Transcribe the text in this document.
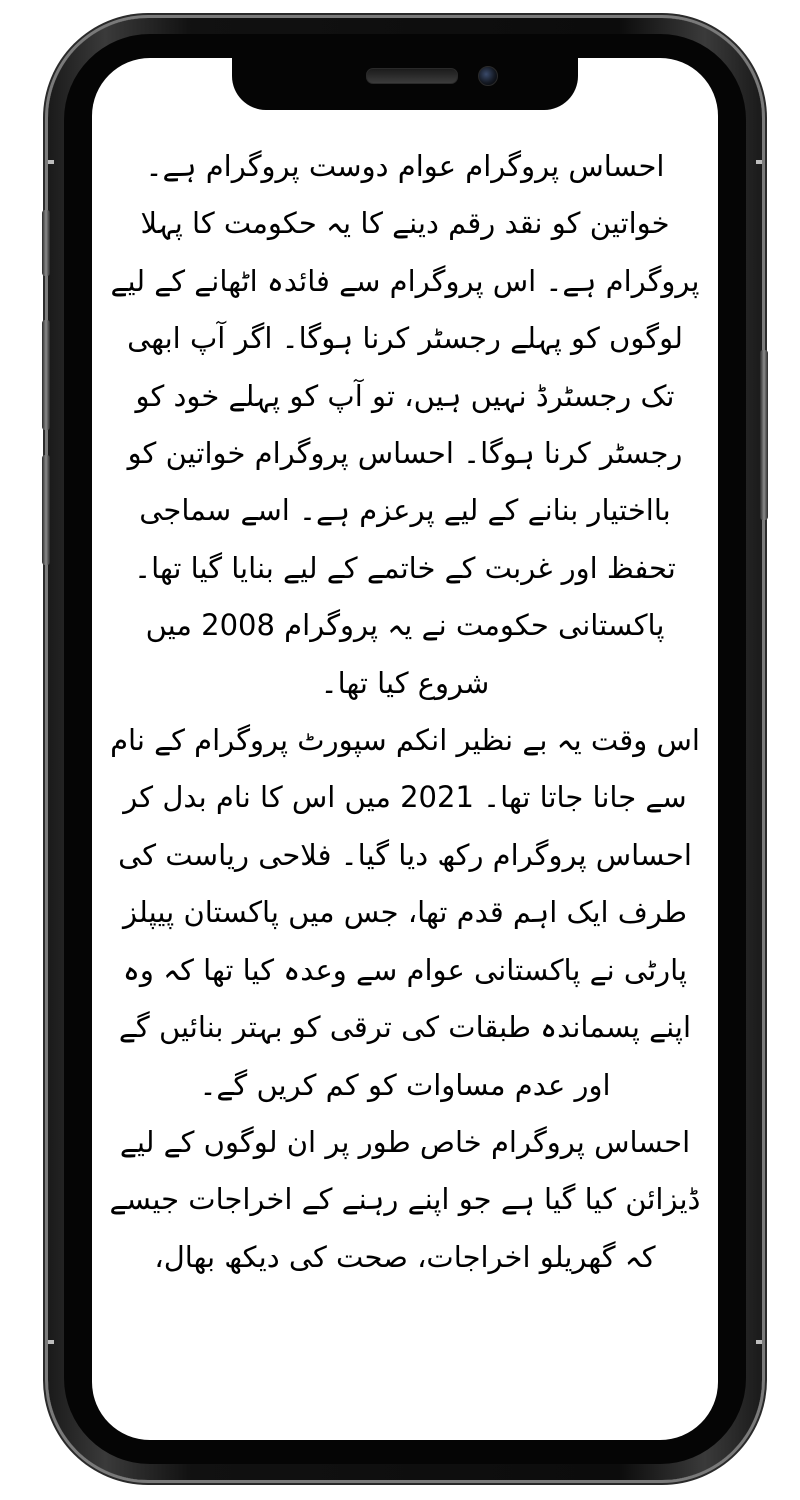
احساس پروگرام عوام دوست پروگرام ہے۔ خواتین کو نقد رقم دینے کا یہ حکومت کا پہلا پروگرام ہے۔ اس پروگرام سے فائدہ اٹھانے کے لیے لوگوں کو پہلے رجسٹر کرنا ہوگا۔ اگر آپ ابھی تک رجسٹرڈ نہیں ہیں، تو آپ کو پہلے خود کو رجسٹر کرنا ہوگا۔ احساس پروگرام خواتین کو بااختیار بنانے کے لیے پرعزم ہے۔ اسے سماجی تحفظ اور غربت کے خاتمے کے لیے بنایا گیا تھا۔ پاکستانی حکومت نے یہ پروگرام 2008 میں شروع کیا تھا۔

اس وقت یہ بے نظیر انکم سپورٹ پروگرام کے نام سے جانا جاتا تھا۔ 2021 میں اس کا نام بدل کر احساس پروگرام رکھ دیا گیا۔ فلاحی ریاست کی طرف ایک اہم قدم تھا، جس میں پاکستان پیپلز پارٹی نے پاکستانی عوام سے وعدہ کیا تھا کہ وہ اپنے پسماندہ طبقات کی ترقی کو بہتر بنائیں گے اور عدم مساوات کو کم کریں گے۔

احساس پروگرام خاص طور پر ان لوگوں کے لیے ڈیزائن کیا گیا ہے جو اپنے رہنے کے اخراجات جیسے کہ گھریلو اخراجات، صحت کی دیکھ بھال،
